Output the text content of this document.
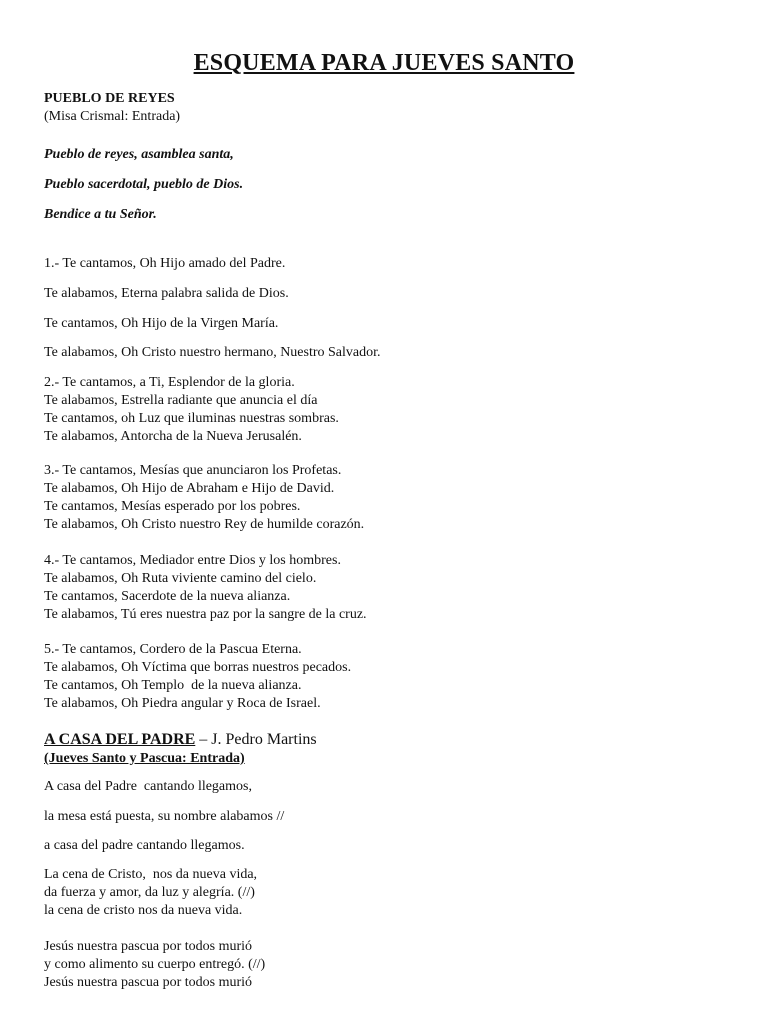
ESQUEMA PARA JUEVES SANTO
PUEBLO DE REYES
(Misa Crismal: Entrada)
Pueblo de reyes, asamblea santa,
Pueblo sacerdotal, pueblo de Dios.
Bendice a tu Señor.
1.- Te cantamos, Oh Hijo amado del Padre.
Te alabamos, Eterna palabra salida de Dios.
Te cantamos, Oh Hijo de la Virgen María.
Te alabamos, Oh Cristo nuestro hermano, Nuestro Salvador.
2.- Te cantamos, a Ti, Esplendor de la gloria.
Te alabamos, Estrella radiante que anuncia el día
Te cantamos, oh Luz que iluminas nuestras sombras.
Te alabamos, Antorcha de la Nueva Jerusalén.
3.- Te cantamos, Mesías que anunciaron los Profetas.
Te alabamos, Oh Hijo de Abraham e Hijo de David.
Te cantamos, Mesías esperado por los pobres.
Te alabamos, Oh Cristo nuestro Rey de humilde corazón.
4.- Te cantamos, Mediador entre Dios y los hombres.
Te alabamos, Oh Ruta viviente camino del cielo.
Te cantamos, Sacerdote de la nueva alianza.
Te alabamos, Tú eres nuestra paz por la sangre de la cruz.
5.- Te cantamos, Cordero de la Pascua Eterna.
Te alabamos, Oh Víctima que borras nuestros pecados.
Te cantamos, Oh Templo  de la nueva alianza.
Te alabamos, Oh Piedra angular y Roca de Israel.
A CASA DEL PADRE – J. Pedro Martins
(Jueves Santo y Pascua: Entrada)
A casa del Padre  cantando llegamos,
la mesa está puesta, su nombre alabamos //
a casa del padre cantando llegamos.
La cena de Cristo,  nos da nueva vida,
da fuerza y amor, da luz y alegría. (//)
la cena de cristo nos da nueva vida.
Jesús nuestra pascua por todos murió
y como alimento su cuerpo entregó. (//)
Jesús nuestra pascua por todos murió
